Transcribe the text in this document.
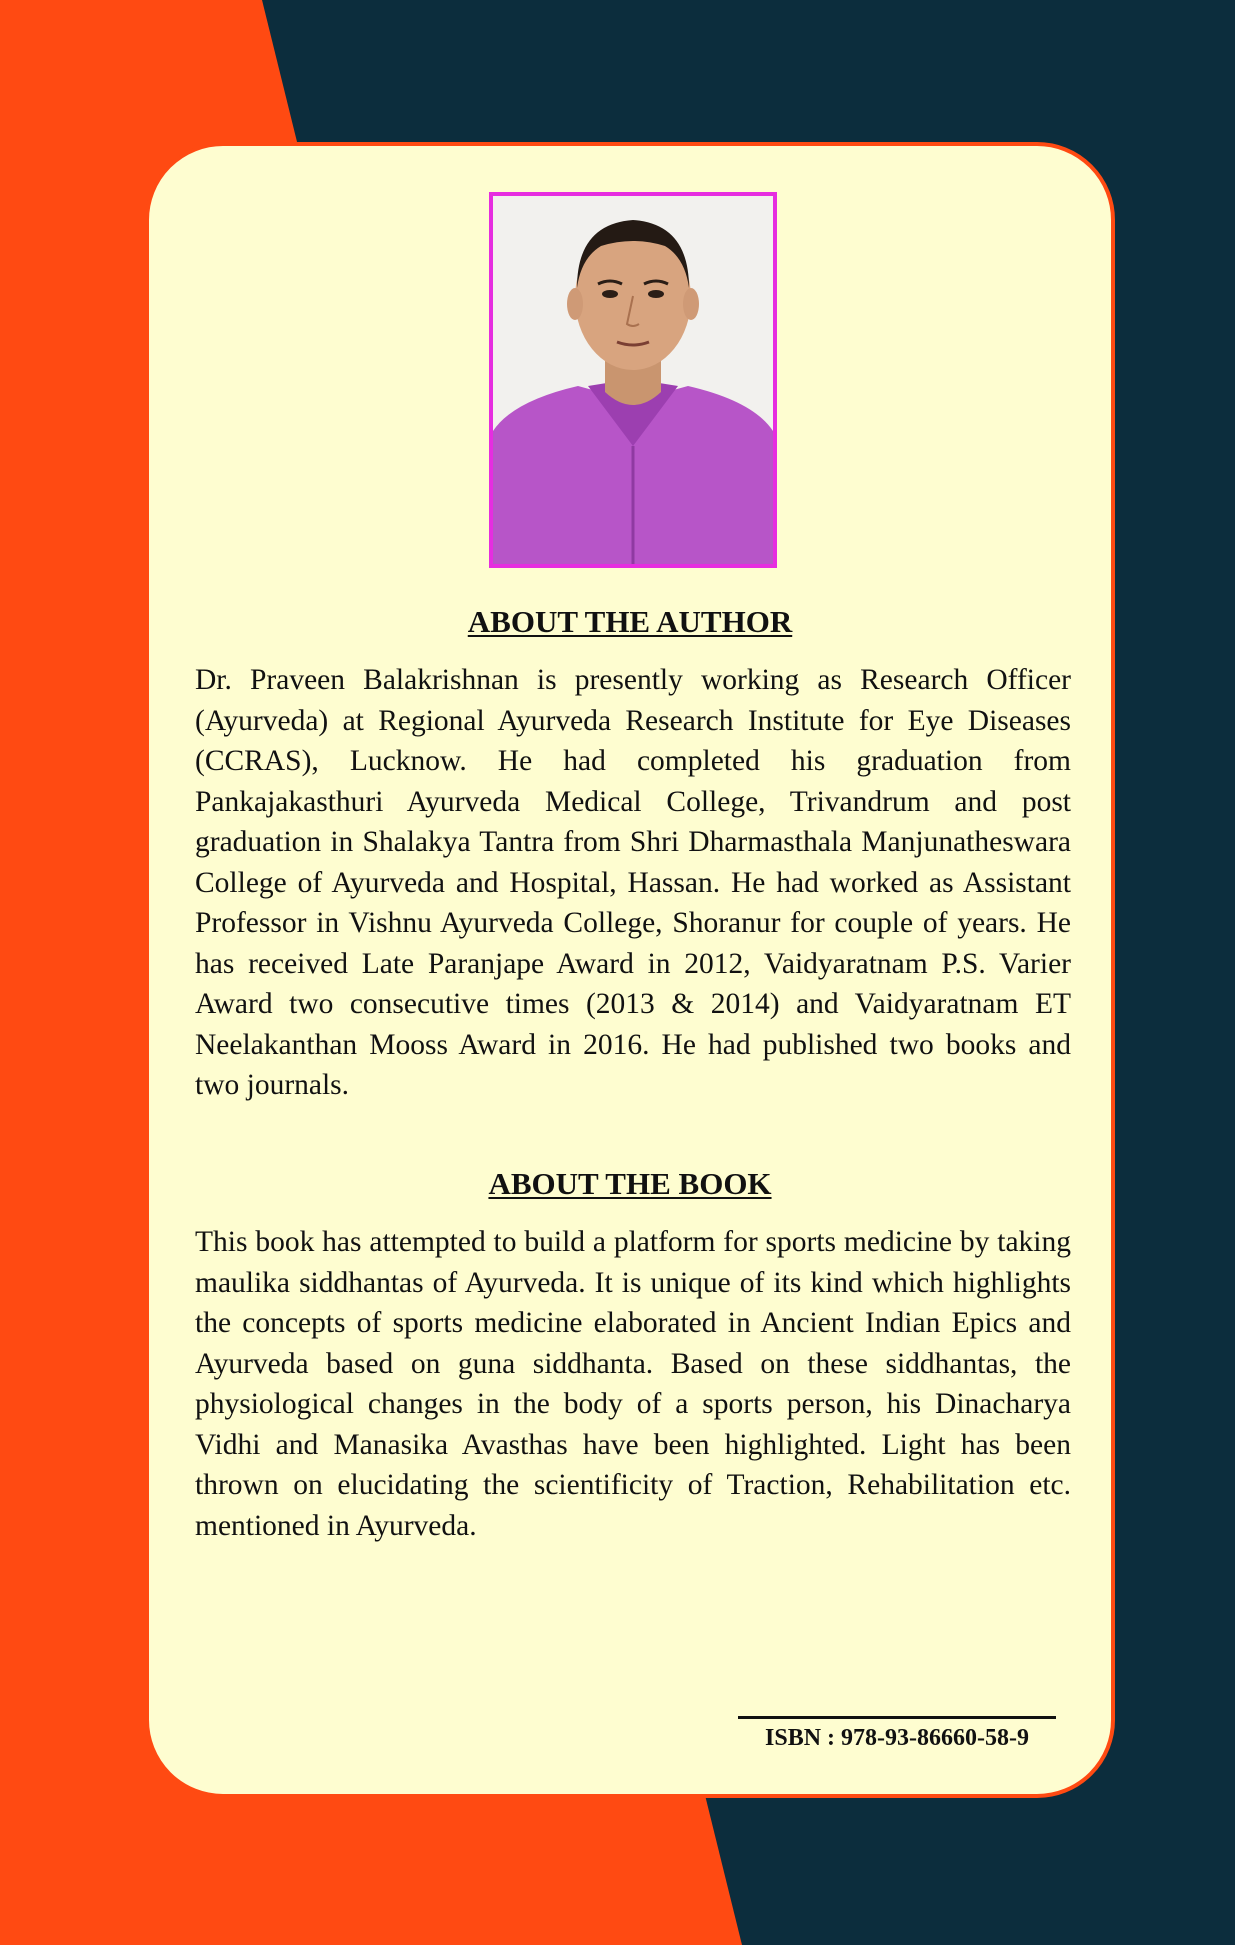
ABOUT THE AUTHOR

Dr. Praveen Balakrishnan is presently working as Research Officer (Ayurveda) at Regional Ayurveda Research Institute for Eye Diseases (CCRAS), Lucknow. He had completed his graduation from Pankajakasthuri Ayurveda Medical College, Trivandrum and post graduation in Shalakya Tantra from Shri Dharmasthala Manjunatheswara College of Ayurveda and Hospital, Hassan. He had worked as Assistant Professor in Vishnu Ayurveda College, Shoranur for couple of years. He has received Late Paranjape Award in 2012, Vaidyaratnam P.S. Varier Award two consecutive times (2013 & 2014) and Vaidyaratnam ET Neelakanthan Mooss Award in 2016. He had published two books and two journals.

ABOUT THE BOOK

This book has attempted to build a platform for sports medicine by taking maulika siddhantas of Ayurveda. It is unique of its kind which highlights the concepts of sports medicine elaborated in Ancient Indian Epics and Ayurveda based on guna siddhanta. Based on these siddhantas, the physiological changes in the body of a sports person, his Dinacharya Vidhi and Manasika Avasthas have been highlighted. Light has been thrown on elucidating the scientificity of Traction, Rehabilitation etc. mentioned in Ayurveda.

ISBN : 978-93-86660-58-9
